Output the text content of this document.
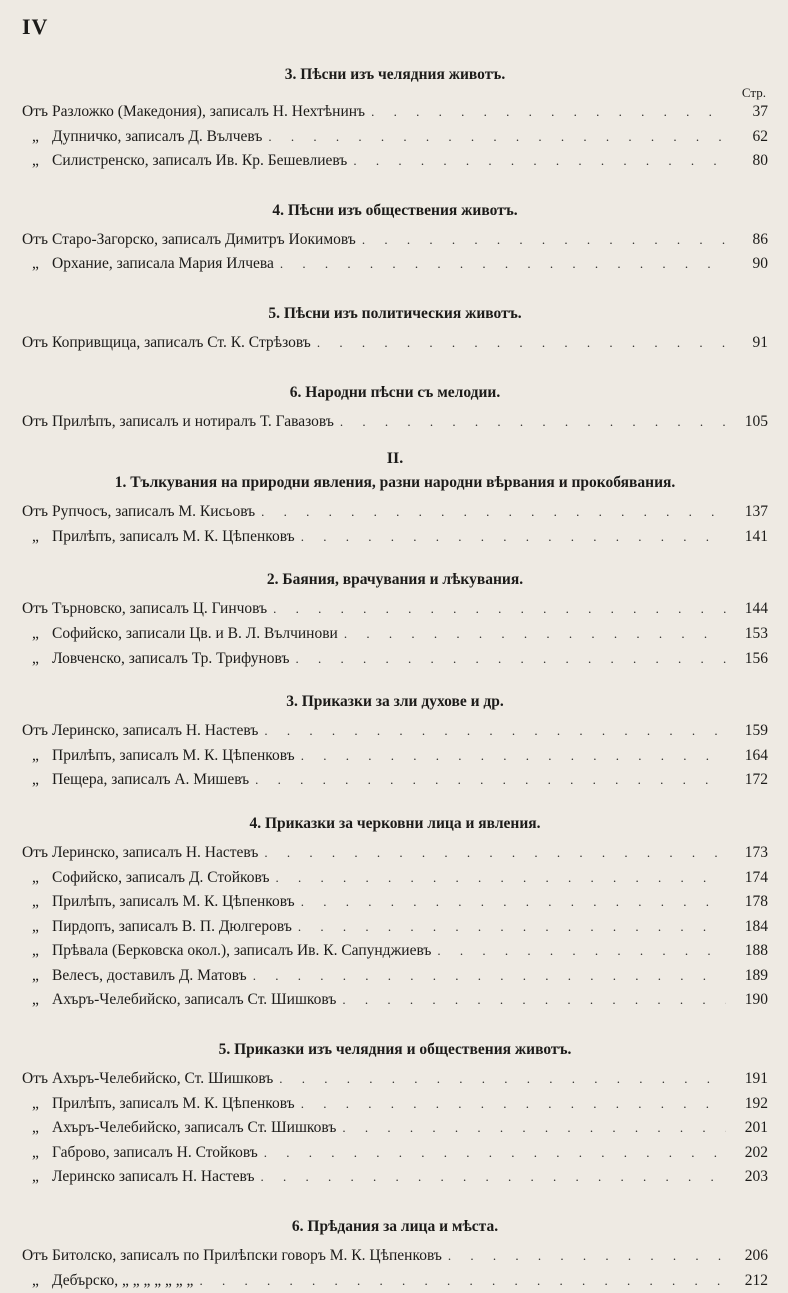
IV
3. Пѣсни изъ челядния животъ.
Стр.
Отъ Разложко (Македония), записалъ Н. Нехтѣнинъ . . .	37
„ Дупничко, записалъ Д. Вълчевъ . . .	62
„ Силистренско, записалъ Ив. Кр. Бешевлиевъ . . .	80
4. Пѣсни изъ обществения животъ.
Отъ Старо-Загорско, записалъ Димитръ Иокимовъ . . .	86
„ Орхание, записала Мария Илчева . . .	90
5. Пѣсни изъ политическия животъ.
Отъ Копривщица, записалъ Ст. К. Стрѣзовъ . . .	91
6. Народни пѣсни съ мелодии.
Отъ Прилѣпъ, записалъ и нотиралъ Т. Гавазовъ . . .	105
II.
1. Тълкувания на природни явления, разни народни вѣрвания и прокобявания.
Отъ Рупчосъ, записалъ М. Кисьовъ . . .	137
„ Прилѣпъ, записалъ М. К. Цѣпенковъ . . .	141
2. Баяния, врачувания и лѣкувания.
Отъ Търновско, записалъ Ц. Гинчовъ . . .	144
„ Софийско, записали Цв. и В. Л. Вълчинови . . .	153
„ Ловченско, записалъ Тр. Трифуновъ . . .	156
3. Приказки за зли духове и др.
Отъ Леринско, записалъ Н. Настевъ . . .	159
„ Прилѣпъ, записалъ М. К. Цѣпенковъ . . .	164
„ Пещера, записалъ А. Мишевъ . . .	172
4. Приказки за черковни лица и явления.
Отъ Леринско, записалъ Н. Настевъ . . .	173
„ Софийско, записалъ Д. Стойковъ . . .	174
„ Прилѣпъ, записалъ М. К. Цѣпенковъ . . .	178
„ Пирдопъ, записалъ В. П. Дюлгеровъ . . .	184
„ Прѣвала (Берковска окол.), записалъ Ив. К. Сапунджиевъ . . .	188
„ Велесъ, доставилъ Д. Матовъ . . .	189
„ Ахъръ-Челебийско, записалъ Ст. Шишковъ . . .	190
5. Приказки изъ челядния и обществения животъ.
Отъ Ахъръ-Челебийско, Ст. Шишковъ . . .	191
„ Прилѣпъ, записалъ М. К. Цѣпенковъ . . .	192
„ Ахъръ-Челебийско, записалъ Ст. Шишковъ . . .	201
„ Габрово, записалъ Н. Стойковъ . . .	202
„ Леринско записалъ Н. Настевъ . . .	203
6. Прѣдания за лица и мѣста.
Отъ Битолско, записалъ по Прилѣпски говоръ М. К. Цѣпенковъ . . .	206
„ Дебърско, „ „ „ „ „ „ „ . . .	212
